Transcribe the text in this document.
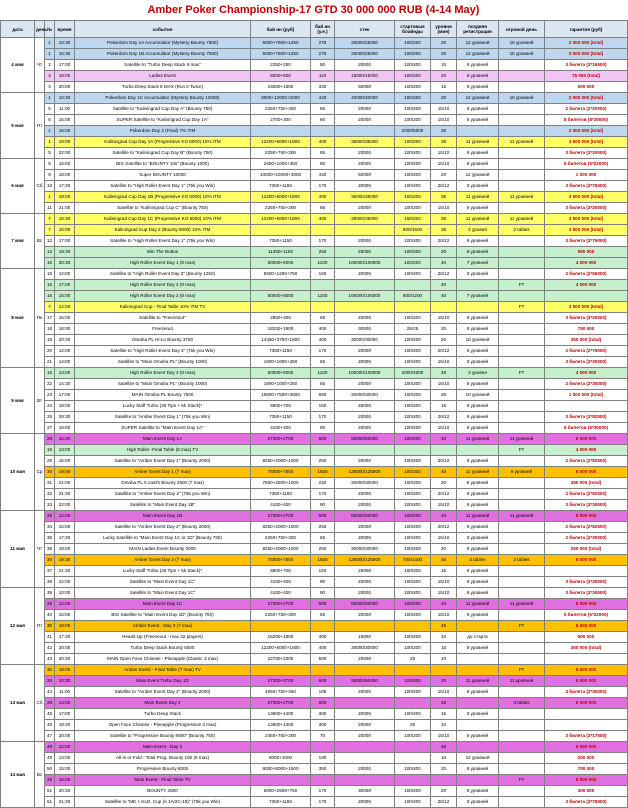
Amber Poker Championship-17 GTD 30 000 000 RUB (4-14 May)
дата	день	№	время	событие	бай ин (руб)	бай ин (у.е.)	стек	стартовые блайнды	уровни (мин)	поздняя регистрация	игровой день	гарантия (руб)
4 мая	Чт	1	10:30	Pokerdom Day 1A Accumulator (Mystery Bounty 7500)	5000+7500+1250	275	25000/25000	100/200	20	12 уровней	16 уровней	2 000 000 (total)
		1	15:30	Pokerdom Day 1B Accumulator (Mystery Bounty 7500)	5000+7500+1250	275	25000/25000	100/200	20	12 уровней	16 уровней	2 000 000 (total)
		2	17:00	Satellite to "Turbo Deep Stack 6 max"	2250+250	50	20000	100/200	15	6 уровней		3 билета (3*16500)
		3	18:00	Ladies Event	5000+500	110	15000/15000	100/200	20	8 уровней		75 000 (total)
		4	20:00	Turbo Deep Stack 6 MAX (Run it Twice)	15000+1500	330	50000	100/200	15	6 уровней		500 000
5 мая	Пт	1	10:30	Pokerdom Day 1C Accumulator (Mystery Bounty 12000)	8000+12000+2000	440	40000/40000	100/200	20	12 уровней	16 уровней	2 000 000 (total)
		5	11:00	Satellite to "Kaliningrad Cup Day A" (Bounty 750)	2250+750+300	65	20000	100/200	15/10	6 уровней		2 билета (2*20000)
		6	15:00	SUPER Satellite to "Kaliningrad Cup Day 1A"	2700+300	60	20000	100/200	15/10	6 уровней		8 билетов (8*20000)
		1	16:00	Pokerdom Day 2 (Final) 7% ITM				2000/5000	25			2 000 000 (total)
		1	19:00	Kaliningrad Cup Day 1A (Progressive KO 6000) 10% ITM	12200+6000+1800	400	35000/35000	100/200	35	11 уровней	11 уровней	3 500 000 (total)
		5	22:00	Satellite to "Kaliningrad Cup Day B" (Bounty 750)	2250+750+300	65	20000	100/200	15/10	6 уровней		3 билета (3*20000)
6 мая	Сб	8	16:00	BIG Satellite to "BOUNTY 10к" (Bounty 1000)	2650+1000+350	80	20000	100/200	15/10	6 уровней		5 билетов (5*22000)
		9	18:00	Super BOUNTY 10000	10000+10000+2000	440	50000	100/200	20	12 уровней		1 000 000
		10	17:30	Satellite to "High Roller Event Day 1" (75k you Win)	7350+1150	170	20000	100/200	20/12	6 уровней		3 билета (3*75000)
		1	19:00	Kaliningrad Cup Day 1B (Progressive KO 6000) 10% ITM	12200+6000+1800	400	35000/35000	100/200	35	11 уровней	11 уровней	3 500 000 (total)
		11	21:00	Satellite to "Kaliningrad Cup C" (Bounty 750)	2250+750+300	65	20000	100/200	15/10	6 уровней		3 билета (3*20000)
7 мая	Вс	7	10:30	Kaliningrad Cup Day 1C (Progressive KO 6000) 10% ITM	12200+6000+1800	400	35000/35000	100/200	35	11 уровней	11 уровней	3 500 000 (total)
		7	16:00	Kaliningrad Cup Day 2 (Bounty 6000) 10% ITM				800/1600	35	4 уровня	2 tables	3 500 000 (total)
		12	17:00	Satellite to "High Roller Event Day 1" (75k you Win)	7350+1150	170	20000	100/200	20/12	6 уровней		3 билета (3*75000)
		13	19:30	Win The Button	11350+1150	250	25000	100/200	20	8 уровней		500 000
		16	20:30	High Roller Event Day 1 (8 max)	50000+5000	1100	100000/100000	100/200	40	7 уровней		4 000 000
8 мая	Пн	15	12:00	Satellite to "High Roller Event Day 2" (Bounty 1250)	5500+1250+750	150	20000	100/200	20/12	6 уровней		2 билета (2*55000)
		16	17:00	High Roller Event Day 2 (8 max)					40		FT	4 000 000
		16	15:00	High Roller Event Day 2 (8 max)	50000+5000	1100	100000/100000	600/1200	40	7 уровней		
		7	14:00	Kaliningrad Cup - Final Table 10% ITM TV							FT	3 500 000 (total)
		17	15:00	Satellite to "Freezeout"	2950+300	65	20000	100/200	15/10	6 уровней		3 билета (3*20000)
		18	18:00	Freezeout	18200+1800	400	30000	25/25	20	8 уровней		750 000
		19	20:30	Omaha PL Hi-Lo Bounty 3750	14450+3750+1800	400	30000/30000	100/200	20	10 уровней		350 000 (total)
		20	12:00	Satellite to "High Roller Event Day 3" (75k you Win)	7350+1150	170	20000	100/200	20/12	6 уровней		2 билета (2*75000)
		21	14:00	Satellite to "Main Omaha PL" (Bounty 1000)	1900+1000+250	65	20000	100/200	15/10	6 уровней		3 билета (3*30000)
9 мая	Вт	16	13:00	High Roller Event Day 3 (8 max)	50000+5000	1100	100000/100000	2000/4000	45	3 уровня	FT	4 000 000
		22	14:30	Satellite to "Main Omaha PL" (Bounty 1000)	1900+1000+250	65	20000	100/200	15/10	6 уровней		2 билета (2*30000)
		23	17:00	MAIN Omaha PL Bounty 7500	19500+7500+3000	660	30000/30000	100/200	25	10 уровней		1 000 000 (total)
		24	18:00	Lucky Staff Turbo (25 Tips + 5k Stack)*	6800+700	150	25000	100/200	15	6 уровней		
		25	20:30	Satellite to "Amber Event Day 1" (75k you Win)	7350+1150	170	20000	100/200	20/12	6 уровней		3 билета (3*82500)
		27	19:00	SUPER Satellite to "Main Event Day 1A"	4100+400	90	20000	100/200	15/10	6 уровней		8 билетов (8*30000)
10 мая	Ср	28	12:30	Main Event Day 1A	27300+2700	600	50000/50000	100/200	40	11 уровней	11 уровней	6 000 000
		16	13:00	High Roller -Final Table (8 max) TV							FT	4 000 000
		29	15:00	Satellite to "Amber Event Day 1" (Bounty 2000)	8250+2000+1000	250	20000	100/200	20/12	6 уровней		2 билета (2*82500)
		30	19:00	Amber Event Day 1 (7 max)	75000+7500	1650	125000/125000	100/200	40	11 уровней	8 уровней	6 000 000
		31	21:00	Omaha PL 5 card's Bounty 2500 (7 max)	7500+2500+1000	220	30000/30000	100/200	20	8 уровней		350 000 (total)
		32	21:30	Satellite to "Amber Event Day 2" (75k you Win)	7350+1150	170	20000	100/200	20/12	6 уровней		2 билета (2*82500)
		33	22:00	Satellite to "Main Event Day 1B"	4100+400	90	20000	100/200	15/10	6 уровней		3 билета (3*30000)
11 мая	Чт	28	12:00	Main Event Day 1B	27300+2700	600	50000/50000	100/200	40	11 уровней	11 уровней	6 000 000
		34	15:00	Satellite to "Amber Event Day 2" (Bounty 2000)	8250+2000+1000	250	20000	100/200	20/12	6 уровней		2 билета (2*82500)
		35	17:30	Lucky Satellite to "Main Event Day 1C or 1D" (Bounty 750)	2250+750+300	65	20000	100/200	15/10	6 уровней		2 билета (2*30000)
		36	19:00	MAIN Ladies Event Bounty 2000	8250+2000+1000	250	30000/30000	100/200	20	8 уровней		250 000 (total)
		30	19:30	Amber Event Day 2 (7 max)	75000+7500	1650	125000/125000	700/1400	45	2 tables	2 tables	6 000 000
		37	21:30	Lucky Staff Turbo (25 Tips + 5k Stack)*	6800+700	150	25000	100/200	15	6 уровней		
		38	22:00	Satellite to "Main Event Day 1C"	4100+400	90	20000	100/200	15/10	6 уровней		3 билета (3*30000)
12 мая	Пт	39	10:00	Satellite to "Main Event Day 1C"	4100+400	90	20000	100/200	15/10	6 уровней		3 билета (3*30000)
		28	12:00	Main Event Day 1C	27300+2700	600	50000/50000	100/200	40	11 уровней	11 уровней	6 000 000
		40	15:00	BIG Satellite to "Main Event Day 1D" (Bounty 750)	2250+750+300	65	20000	100/200	15/10	6 уровней		5 билетов (5*22000)
		30	18:00	Amber Event - Day 3 (7 max)					45		FT	6 000 000
		41	17:30	Heads-Up (Freezeout - max 32 players)	16200+1800	400	15000	100/200	10	до старта		500 000
		42	20:00	Turbo Deep Stack Bounty 6000	12200+6000+1800	400	30000/30000	100/200	15	8 уровней		350 000 (total)
		43	20:30	MAIN Open Face Chinese - Pineapple (Classic 3 max)	22700+2300	500	20000	25	10			
13 мая	Сб	30	18:00	Amber Event - Final Table (7 max) TV							FT	6 000 000
		28	10:30	Main Event Turbo Day 1D	27300+2700	600	50000/50000	100/200	20	11 уровней	11 уровней	6 000 000
		44	11:00	Satellite to "Amber Event Day 2" (Bounty 2000)	4050+750+450	105	20000	100/200	15/10	6 уровней		3 билета (3*30000)
		28	14:00	Main Event Day 2	27300+2700	600			45		3 tables	6 000 000
		45	17:00	Turbo Deep Stack	13600+1400	300	20000	100/200	15	6 уровней		
		46	19:30	Open Face Chinese - Pineapple (Progressive 3 max)	13600+1400	300	20000	25	10			
		47	20:00	Satellite to "Progressive Bounty 8000" (Bounty 750)	2450+750+300	70	20000	100/200	15/10	6 уровней		3 билета (3*17500)
14 мая	Вс	48	12:00	Main Event - Day 3					45			6 000 000
		49	13:00	All-in or Fold - Total Prog. Bounty 160 (6 max)	8000+1000	190			10	12 уровней		200 000
		50	15:00	Progressive Bounty 8000	8000+8000+1500	350	20000	100/200	20	8 уровней		700 000
		28	16:00	Main Event - Final Table TV							FT	6 000 000
		51	20:30	BOUNTY 2500	5000+2500+750	170	30000	100/200	20	8 уровней		300 000
		51	21:30	Satellite to "ME + KLD. Cup (я 1A/2C-18)" (75k you Win)	7350+1150	170	20000	100/200	20/12	6 уровней		3 билета (3*75000)
